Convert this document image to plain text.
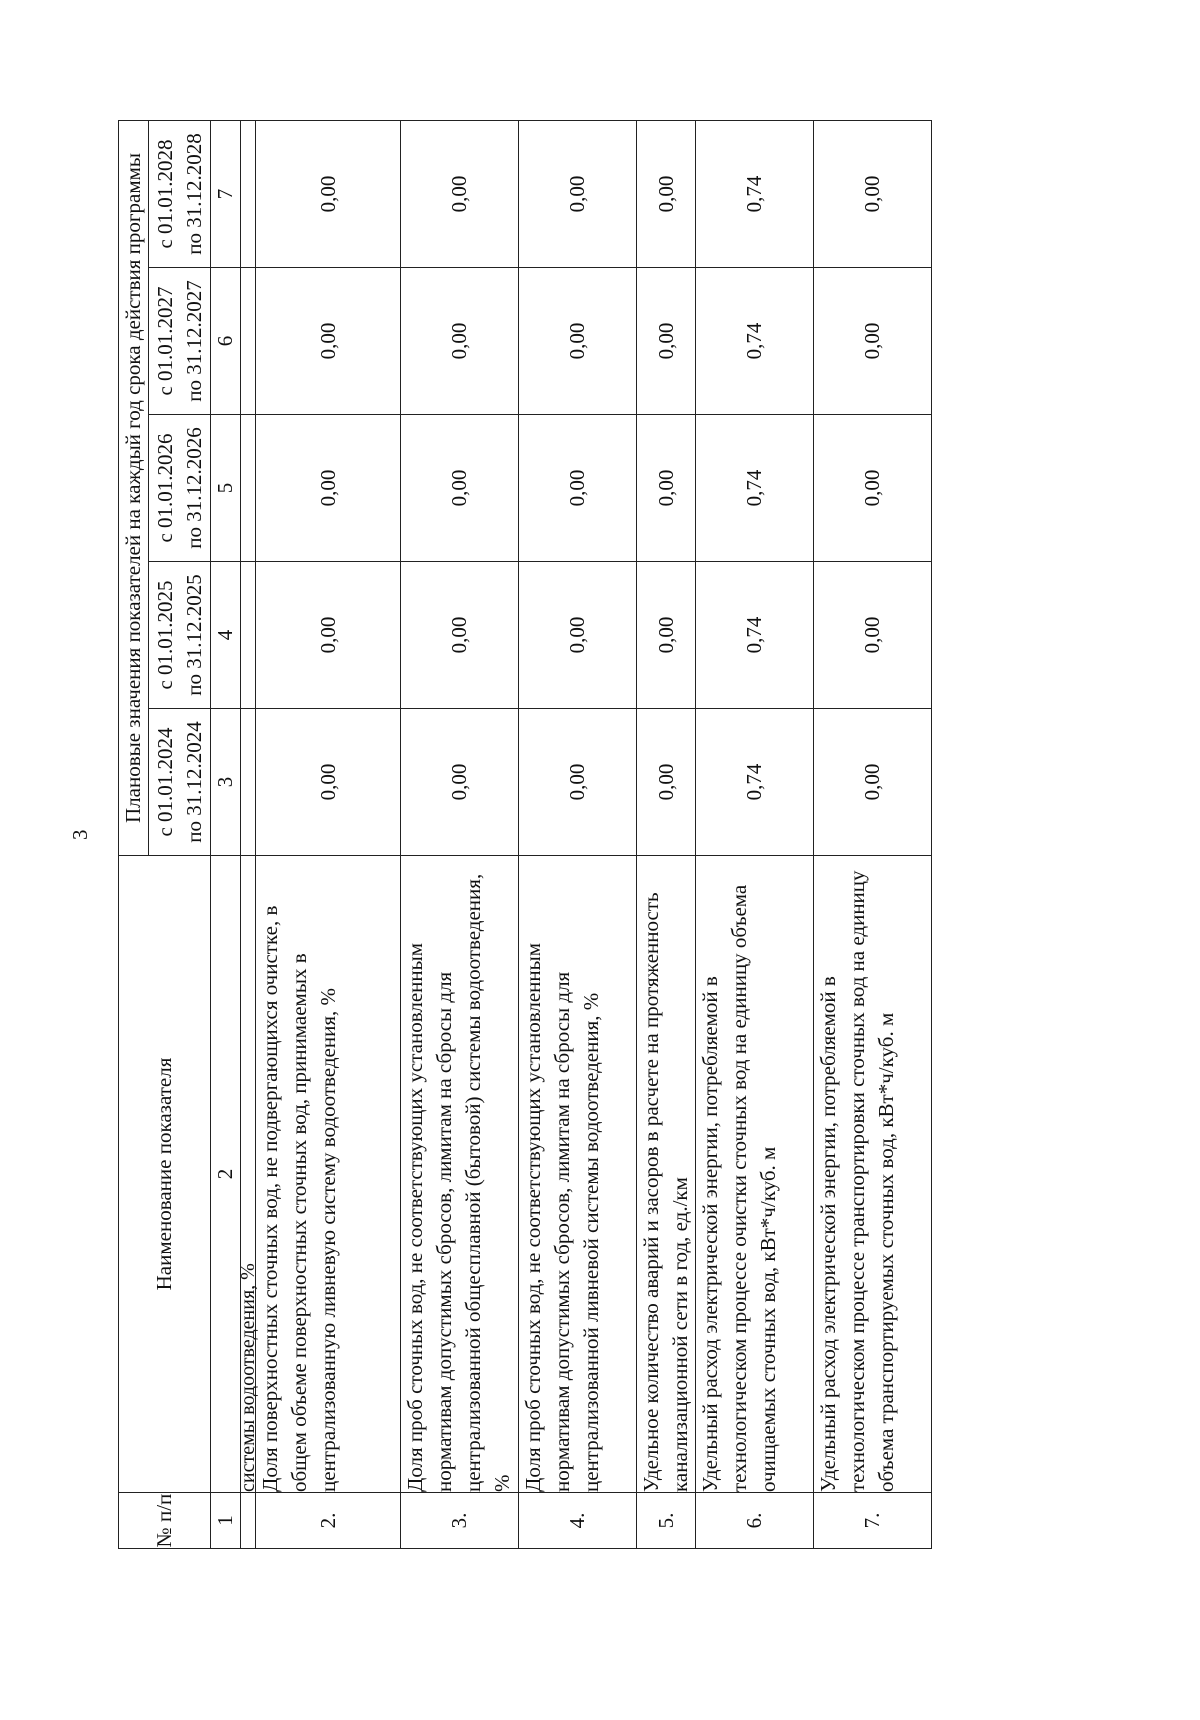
3
№ п/п	Наименование показателя	Плановые значения показателей на каждый год срока действия программы				

		с 01.01.2024 по 31.12.2024	с 01.01.2025 по 31.12.2025	с 01.01.2026 по 31.12.2026	с 01.01.2027 по 31.12.2027	с 01.01.2028 по 31.12.2028

1	2	3	4	5	6	7
	системы водоотведения, %					
2.	Доля поверхностных сточных вод, не подвергающихся очистке, в общем объеме поверхностных сточных вод, принимаемых в централизованную ливневую систему водоотведения, %	0,00	0,00	0,00	0,00	0,00
3.	Доля проб сточных вод, не соответствующих установленным нормативам допустимых сбросов, лимитам на сбросы для централизованной общесплавной (бытовой) системы водоотведения, %	0,00	0,00	0,00	0,00	0,00
4.	Доля проб сточных вод, не соответствующих установленным нормативам допустимых сбросов, лимитам на сбросы для централизованной ливневой системы водоотведения, %	0,00	0,00	0,00	0,00	0,00
5.	Удельное количество аварий и засоров в расчете на протяженность канализационной сети в год, ед./км	0,00	0,00	0,00	0,00	0,00
6.	Удельный расход электрической энергии, потребляемой в технологическом процессе очистки сточных вод на единицу объема очищаемых сточных вод, кВт*ч/куб. м	0,74	0,74	0,74	0,74	0,74
7.	Удельный расход электрической энергии, потребляемой в технологическом процессе транспортировки сточных вод на единицу объема транспортируемых сточных вод, кВт*ч/куб. м	0,00	0,00	0,00	0,00	0,00
